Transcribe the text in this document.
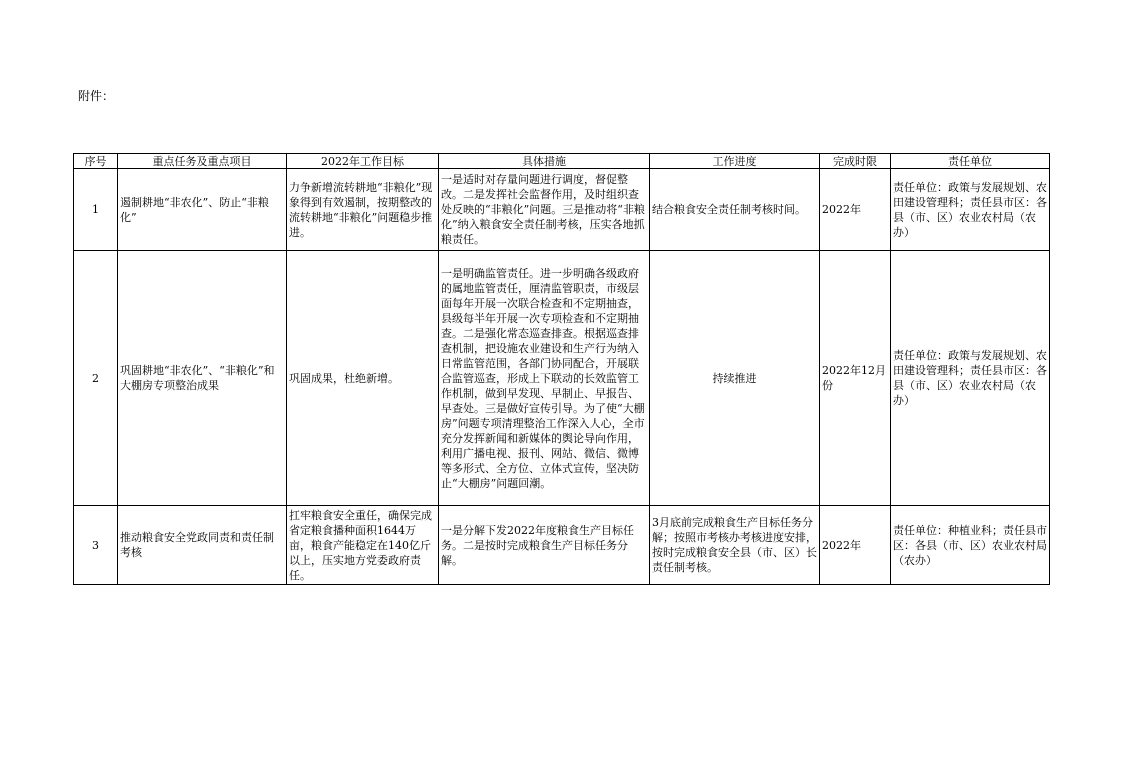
附件：
序号	重点任务及重点项目	2022年工作目标	具体措施	工作进度	完成时限	责任单位
1	遏制耕地“非农化”、防止“非粮化”	力争新增流转耕地“非粮化”现象得到有效遏制，按期整改的流转耕地“非粮化”问题稳步推进。	一是适时对存量问题进行调度，督促整改。二是发挥社会监督作用，及时组织查处反映的“非粮化”问题。三是推动将“非粮化”纳入粮食安全责任制考核，压实各地抓粮责任。	结合粮食安全责任制考核时间。	2022年	责任单位：政策与发展规划、农田建设管理科；责任县市区：各县（市、区）农业农村局（农办）
2	巩固耕地“非农化”、“非粮化”和大棚房专项整治成果	巩固成果，杜绝新增。	一是明确监管责任。进一步明确各级政府的属地监管责任，厘清监管职责，市级层面每年开展一次联合检查和不定期抽查，县级每半年开展一次专项检查和不定期抽查。二是强化常态巡查排查。根据巡查排查机制，把设施农业建设和生产行为纳入日常监管范围，各部门协同配合，开展联合监管巡查，形成上下联动的长效监管工作机制，做到早发现、早制止、早报告、早查处。三是做好宣传引导。为了使“大棚房”问题专项清理整治工作深入人心，全市充分发挥新闻和新媒体的舆论导向作用，利用广播电视、报刊、网站、微信、微博等多形式、全方位、立体式宣传，坚决防止“大棚房”问题回潮。	持续推进	2022年12月份	责任单位：政策与发展规划、农田建设管理科；责任县市区：各县（市、区）农业农村局（农办）
3	推动粮食安全党政同责和责任制考核	扛牢粮食安全重任，确保完成省定粮食播种面积1644万亩，粮食产能稳定在140亿斤以上，压实地方党委政府责任。	一是分解下发2022年度粮食生产目标任务。二是按时完成粮食生产目标任务分解。	3月底前完成粮食生产目标任务分解；按照市考核办考核进度安排，按时完成粮食安全县（市、区）长责任制考核。	2022年	责任单位：种植业科；责任县市区：各县（市、区）农业农村局（农办）
